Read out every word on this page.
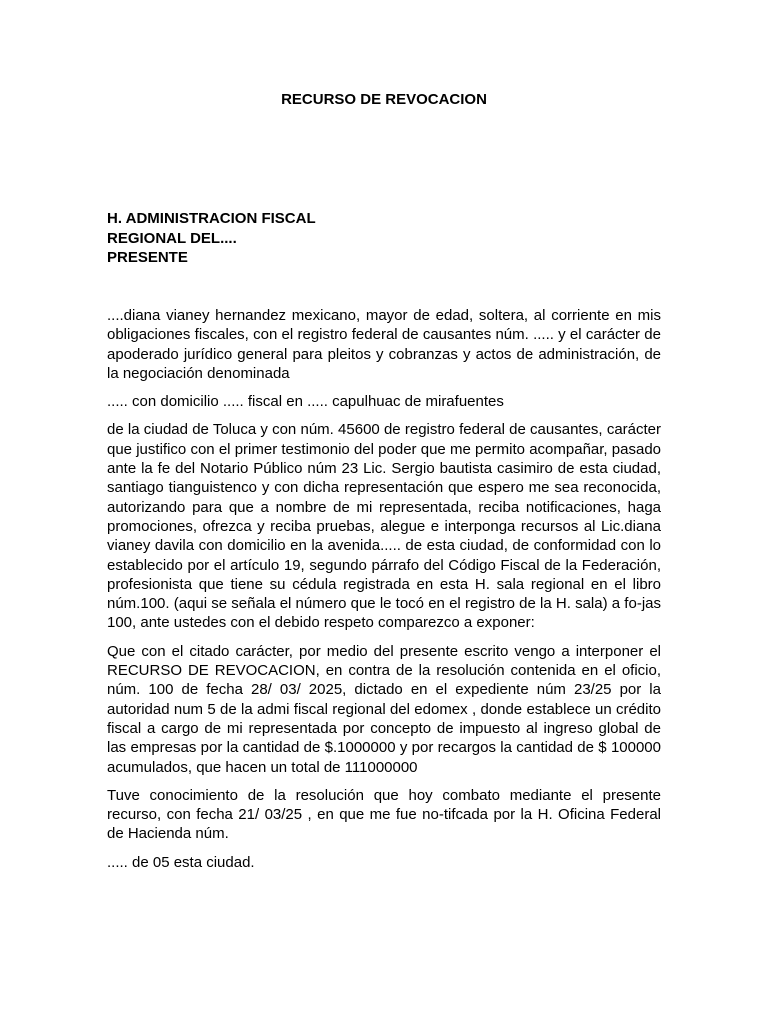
RECURSO DE REVOCACION
H. ADMINISTRACION FISCAL
REGIONAL DEL....
PRESENTE

....diana vianey hernandez mexicano, mayor de edad, soltera, al corriente en mis obligaciones fiscales, con el registro federal de causantes núm. ..... y el carácter de apoderado jurídico general para pleitos y cobranzas y actos de administración, de la negociación denominada

..... con domicilio ..... fiscal en ..... capulhuac de mirafuentes

de la ciudad de Toluca y con núm. 45600 de registro federal de causantes, carácter que justifico con el primer testimonio del poder que me permito acompañar, pasado ante la fe del Notario Público núm 23 Lic. Sergio bautista casimiro de esta ciudad, santiago tianguistenco y con dicha representación que espero me sea reconocida, autorizando para que a nombre de mi representada, reciba notificaciones, haga promociones, ofrezca y reciba pruebas, alegue e interponga recursos al Lic.diana vianey davila con domicilio en la avenida..... de esta ciudad, de conformidad con lo establecido por el artículo 19, segundo párrafo del Código Fiscal de la Federación, profesionista que tiene su cédula registrada en esta H. sala regional en el libro núm.100. (aqui se señala el número que le tocó en el registro de la H. sala) a fo-jas 100, ante ustedes con el debido respeto comparezco a exponer:

Que con el citado carácter, por medio del presente escrito vengo a interponer el RECURSO DE REVOCACION, en contra de la resolución contenida en el oficio, núm. 100 de fecha 28/ 03/ 2025, dictado en el expediente núm 23/25 por la autoridad num 5 de la admi fiscal regional del edomex , donde establece un crédito fiscal a cargo de mi representada por concepto de impuesto al ingreso global de las empresas por la cantidad de $.1000000 y por recargos la cantidad de $ 100000 acumulados, que hacen un total de 111000000

Tuve conocimiento de la resolución que hoy combato mediante el presente recurso, con fecha 21/ 03/25 , en que me fue no-tifcada por la H. Oficina Federal de Hacienda núm.

..... de 05 esta ciudad.
